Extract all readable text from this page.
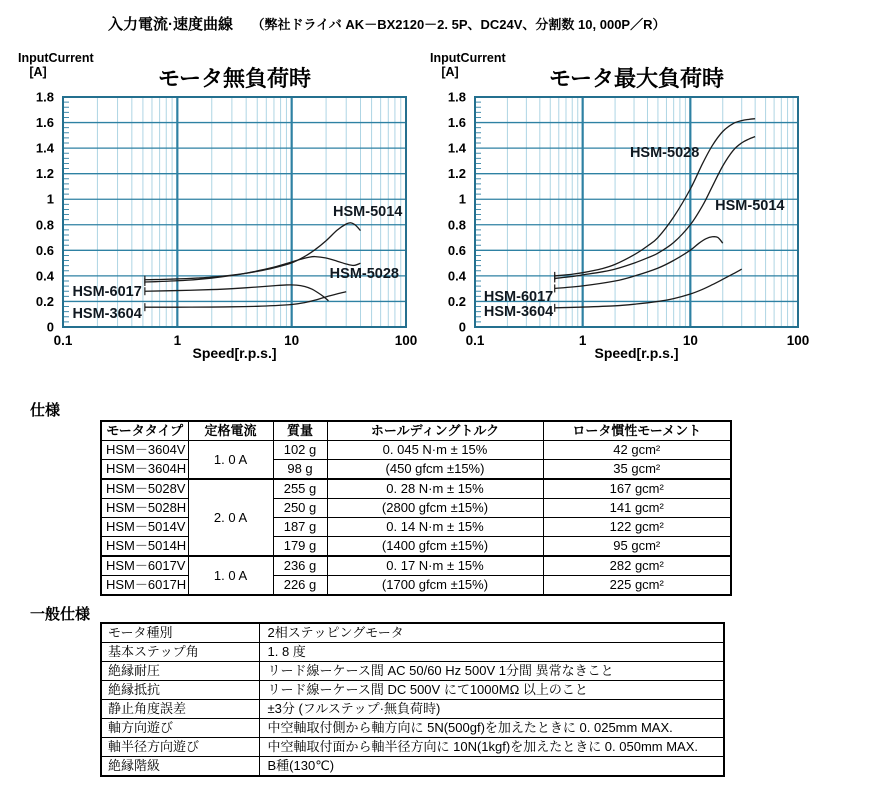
入力電流·速度曲線 （弊社ドライバ AK－BX2120－2. 5P、DC24V、分割数 10, 000P／R）
1.8
1.6
1.4
1.2
1
0.8
0.6
0.4
0.2
0
0.1	1	10	100
Speed[r.p.s.]
InputCurrent
[A]	モータ無負荷時
HSM-5014
HSM-5028
HSM-6017
HSM-3604
1.8
1.6
1.4
1.2
1
0.8
0.6
0.4
0.2
0
0.1	1	10	100
Speed[r.p.s.]
InputCurrent
[A]	モータ最大負荷時
HSM-5028
HSM-5014
HSM-6017
HSM-3604
仕様
モータタイプ	定格電流	質量	ホールディングトルク	ロータ慣性モーメント
HSM－3604V	1. 0 A	102 g	0. 045 N·m ± 15%	42 gcm²
HSM－3604H		98 g	(450 gfcm ±15%)	35 gcm²
HSM－5028V	2. 0 A	255 g	0. 28 N·m ± 15%	167 gcm²
HSM－5028H		250 g	(2800 gfcm ±15%)	141 gcm²
HSM－5014V		187 g	0. 14 N·m ± 15%	122 gcm²
HSM－5014H		179 g	(1400 gfcm ±15%)	95 gcm²
HSM－6017V	1. 0 A	236 g	0. 17 N·m ± 15%	282 gcm²
HSM－6017H		226 g	(1700 gfcm ±15%)	225 gcm²
一般仕様
モータ種別	2相ステッピングモータ
基本ステップ角	1. 8 度
絶縁耐圧	リード線ーケース間 AC 50/60 Hz 500V 1分間 異常なきこと
絶縁抵抗	リード線ーケース間 DC 500V にて1000MΩ 以上のこと
静止角度誤差	±3分 (フルステップ·無負荷時)
軸方向遊び	中空軸取付側から軸方向に 5N(500gf)を加えたときに 0. 025mm MAX.
軸半径方向遊び	中空軸取付面から軸半径方向に 10N(1kgf)を加えたときに 0. 050mm MAX.
絶縁階級	B種(130℃)
